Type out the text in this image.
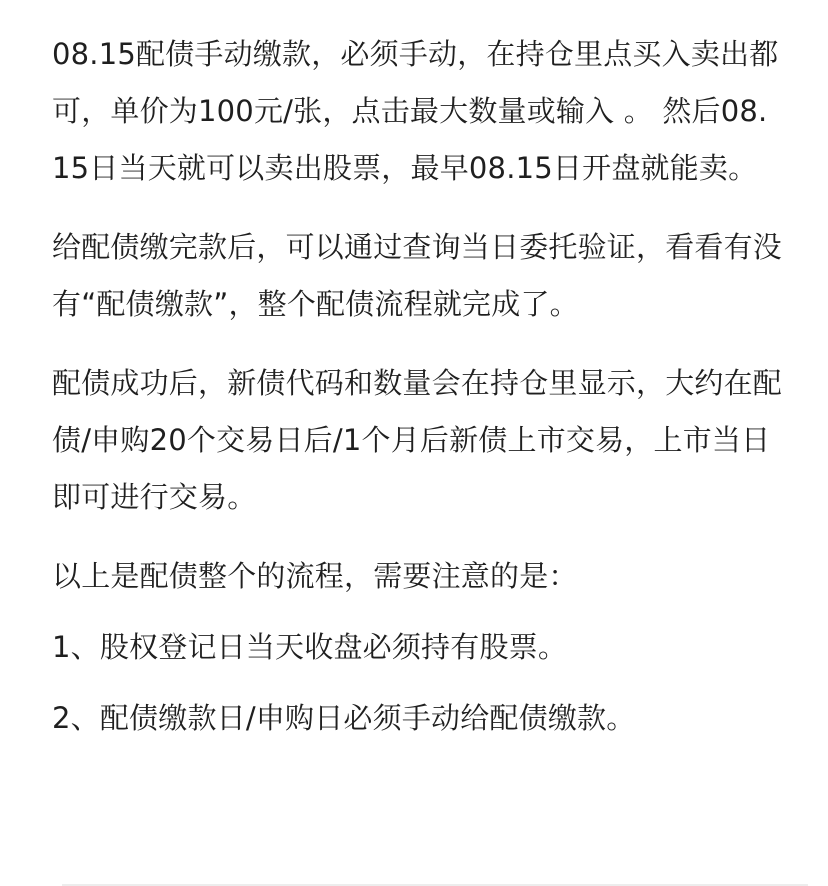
08.15配债手动缴款，必须手动，在持仓里点买入卖出都可，单价为100元/张，点击最大数量或输入 。 然后08.15日当天就可以卖出股票，最早08.15日开盘就能卖。

给配债缴完款后，可以通过查询当日委托验证，看看有没有“配债缴款”，整个配债流程就完成了。

配债成功后，新债代码和数量会在持仓里显示，大约在配债/申购20个交易日后/1个月后新债上市交易，上市当日即可进行交易。

以上是配债整个的流程，需要注意的是：

1、股权登记日当天收盘必须持有股票。

2、配债缴款日/申购日必须手动给配债缴款。
